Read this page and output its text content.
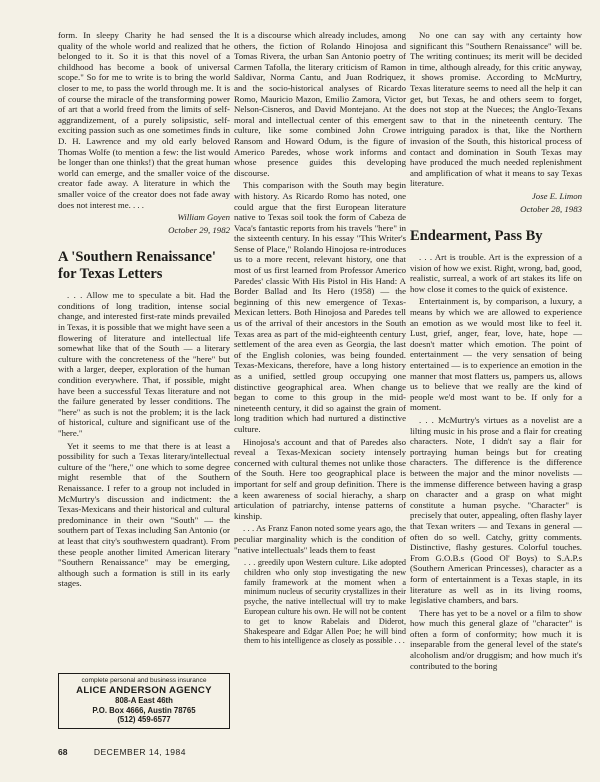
form. In sleepy Charity he had sensed the quality of the whole world and realized that he belonged to it. So it is that this novel of a childhood has become a book of universal scope." So for me to write is to bring the world closer to me, to pass the world through me. It is of course the miracle of the transforming power of art that a world freed from the limits of self-aggrandizement, of a purely solipsistic, self-exciting passion such as one sometimes finds in D. H. Lawrence and my old early beloved Thomas Wolfe (to mention a few: the list would be longer than one thinks!) that the great human world can emerge, and the smaller voice of the creator fade away. A literature in which the smaller voice of the creator does not fade away does not interest me. . . .

William Goyen
October 29, 1982
A 'Southern Renaissance' for Texas Letters

. . . Allow me to speculate a bit. Had the conditions of long tradition, intense social change, and interested first-rate minds prevailed in Texas, it is possible that we might have seen a flowering of literature and intellectual life somewhat like that of the South — a literary culture with the concreteness of the "here" but with a larger, deeper, exploration of the human condition everywhere. That, if possible, might have been a successful Texas literature and not the failure generated by lesser conditions. The "here" as such is not the problem; it is the lack of historical, culture and significant use of the "here."

Yet it seems to me that there is at least a possibility for such a Texas literary/intellectual culture of the "here," one which to some degree might resemble that of the Southern Renaissance. I refer to a group not included in McMurtry's discussion and indictment: the Texas-Mexicans and their historical and cultural predominance in their own "South" — the southern part of Texas including San Antonio (or at least that city's southwestern quadrant). From these people another limited American literary "Southern Renaissance" may be emerging, although such a formation is still in its early stages.

complete personal and business insurance
ALICE ANDERSON AGENCY
808-A East 46th
P.O. Box 4666, Austin 78765
(512) 459-6577

It is a discourse which already includes, among others, the fiction of Rolando Hinojosa and Tomas Rivera, the urban San Antonio poetry of Carmen Tafolla, the literary criticism of Ramon Saldivar, Norma Cantu, and Juan Rodriquez, and the socio-historical analyses of Ricardo Romo, Mauricio Mazon, Emilio Zamora, Victor Nelson-Cisneros, and David Montejano. At the moral and intellectual center of this emergent culture, like some combined John Crowe Ransom and Howard Odum, is the figure of Americo Paredes, whose work informs and whose presence guides this developing discourse.

This comparison with the South may begin with history. As Ricardo Romo has noted, one could argue that the first European literature native to Texas soil took the form of Cabeza de Vaca's fantastic reports from his travels "here" in the sixteenth century. In his essay "This Writer's Sense of Place," Rolando Hinojosa re-introduces us to a more recent, relevant history, one that most of us first learned from Professor Americo Paredes' classic With His Pistol in His Hand: A Border Ballad and Its Hero (1958) — the beginning of this new emergence of Texas-Mexican letters. Both Hinojosa and Paredes tell us of the arrival of their ancestors in the South Texas area as part of the mid-eighteenth century settlement of the area even as Georgia, the last of the English colonies, was being founded. Texas-Mexicans, therefore, have a long history as a unified, settled group occupying one distinctive geographical area. When change began to come to this group in the mid-nineteenth century, it did so against the grain of long tradition which had nurtured a distinctive culture.

Hinojosa's account and that of Paredes also reveal a Texas-Mexican society intensely concerned with cultural themes not unlike those of the South. Here too geographical place is important for self and group definition. There is a keen awareness of social hierachy, a sharp articulation of patriarchy, intense patterns of kinship.

. . . As Franz Fanon noted some years ago, the peculiar marginality which is the condition of "native intellectuals" leads them to feast

. . . greedily upon Western culture. Like adopted children who only stop investigating the new family framework at the moment when a minimum nucleus of security crystallizes in their psyche, the native intellectual will try to make European culture his own. He will not be content to get to know Rabelais and Diderot, Shakespeare and Edgar Allen Poe; he will bind them to his intelligence as closely as possible . . .

No one can say with any certainty how significant this "Southern Renaissance" will be. The writing continues; its merit will be decided in time, although already, for this critic anyway, it shows promise. According to McMurtry, Texas literature seems to need all the help it can get, but Texas, he and others seem to forget, does not stop at the Nueces; the Anglo-Texans saw to that in the nineteenth century. The intriguing paradox is that, like the Northern invasion of the South, this historical process of contact and domination in South Texas may have produced the much needed replenishment and amplification of what it means to say Texas literature.

Jose E. Limon
October 28, 1983
Endearment, Pass By

. . . Art is trouble. Art is the expression of a vision of how we exist. Right, wrong, bad, good, realistic, surreal, a work of art stakes its life on how close it comes to the quick of existence.

Entertainment is, by comparison, a luxury, a means by which we are allowed to experience an emotion as we would most like to feel it. Lust, grief, anger, fear, love, hate, hope — doesn't matter which emotion. The point of entertainment — the very sensation of being entertained — is to experience an emotion in the manner that most flatters us, pampers us, allows us to believe that we really are the kind of people we'd most want to be. If only for a moment.

. . . McMurtry's virtues as a novelist are a lilting music in his prose and a flair for creating characters. Note, I didn't say a flair for portraying human beings but for creating characters. The difference is the difference between the major and the minor novelists — the immense difference between having a grasp on character and a grasp on what might constitute a human psyche. "Character" is precisely that outer, appealing, often flashy layer that Texan writers — and Texans in general — often do so well. Catchy, gritty comments. Distinctive, flashy gestures. Colorful touches. From G.O.B.s (Good Ol' Boys) to S.A.P.s (Southern American Princesses), character as a form of entertainment is a Texas staple, in its literature as well as in its living rooms, legislative chambers, and bars.

There has yet to be a novel or a film to show how much this general glaze of "character" is often a form of conformity; how much it is inseparable from the general level of the state's alcoholism and/or druggism; and how much it's contributed to the boring

68	DECEMBER 14, 1984
